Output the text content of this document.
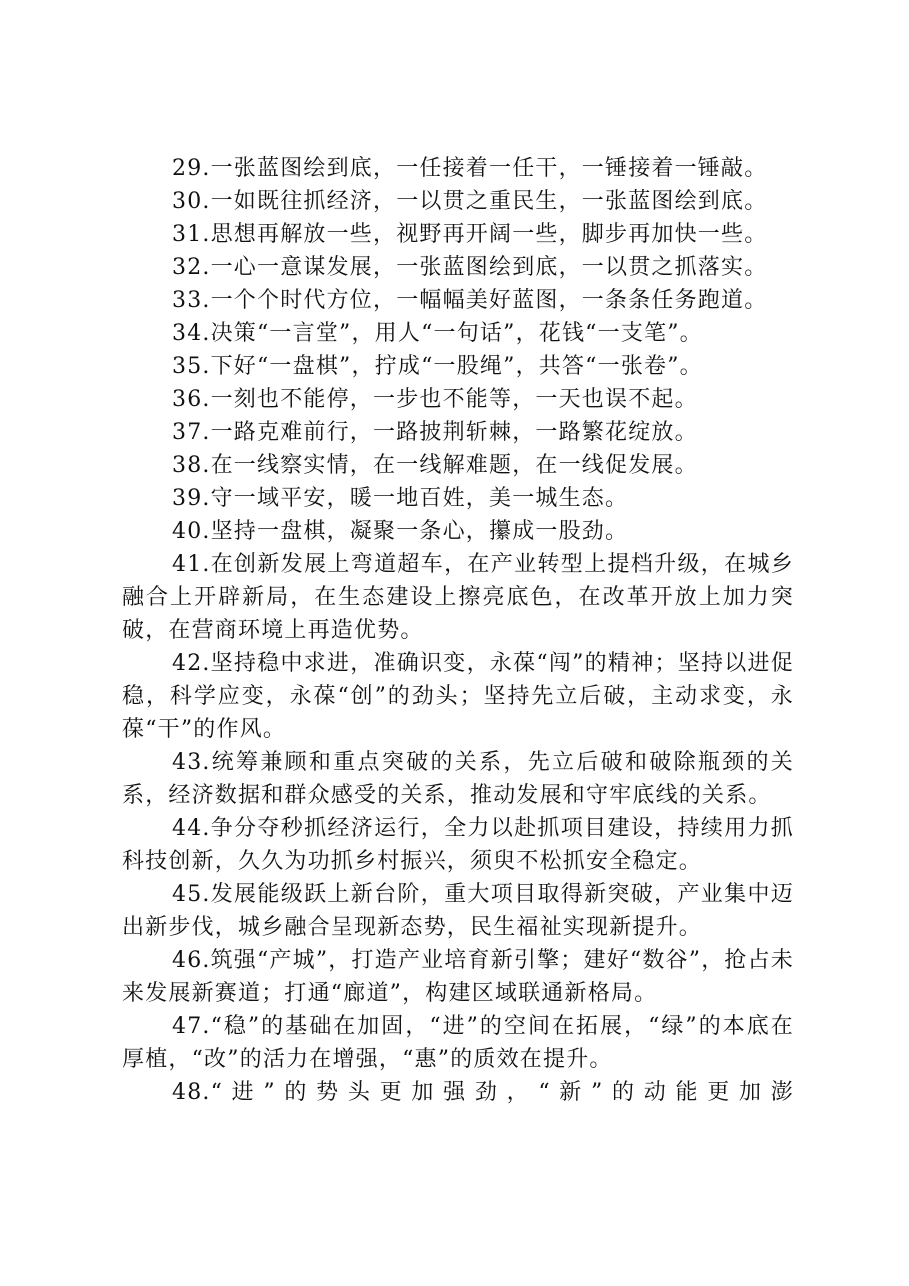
29.一张蓝图绘到底，一任接着一任干，一锤接着一锤敲。

30.一如既往抓经济，一以贯之重民生，一张蓝图绘到底。

31.思想再解放一些，视野再开阔一些，脚步再加快一些。

32.一心一意谋发展，一张蓝图绘到底，一以贯之抓落实。

33.一个个时代方位，一幅幅美好蓝图，一条条任务跑道。

34.决策“一言堂”，用人“一句话”，花钱“一支笔”。

35.下好“一盘棋”，拧成“一股绳”，共答“一张卷”。

36.一刻也不能停，一步也不能等，一天也误不起。

37.一路克难前行，一路披荆斩棘，一路繁花绽放。

38.在一线察实情，在一线解难题，在一线促发展。

39.守一域平安，暖一地百姓，美一城生态。

40.坚持一盘棋，凝聚一条心，攥成一股劲。

41.在创新发展上弯道超车，在产业转型上提档升级，在城乡融合上开辟新局，在生态建设上擦亮底色，在改革开放上加力突破，在营商环境上再造优势。

42.坚持稳中求进，准确识变，永葆“闯”的精神；坚持以进促稳，科学应变，永葆“创”的劲头；坚持先立后破，主动求变，永葆“干”的作风。

43.统筹兼顾和重点突破的关系，先立后破和破除瓶颈的关系，经济数据和群众感受的关系，推动发展和守牢底线的关系。

44.争分夺秒抓经济运行，全力以赴抓项目建设，持续用力抓科技创新，久久为功抓乡村振兴，须臾不松抓安全稳定。

45.发展能级跃上新台阶，重大项目取得新突破，产业集中迈出新步伐，城乡融合呈现新态势，民生福祉实现新提升。

46.筑强“产城”，打造产业培育新引擎；建好“数谷”，抢占未来发展新赛道；打通“廊道”，构建区域联通新格局。

47.“稳”的基础在加固，“进”的空间在拓展，“绿”的本底在厚植，“改”的活力在增强，“惠”的质效在提升。

48.“进”的势头更加强劲，“新”的动能更加澎
